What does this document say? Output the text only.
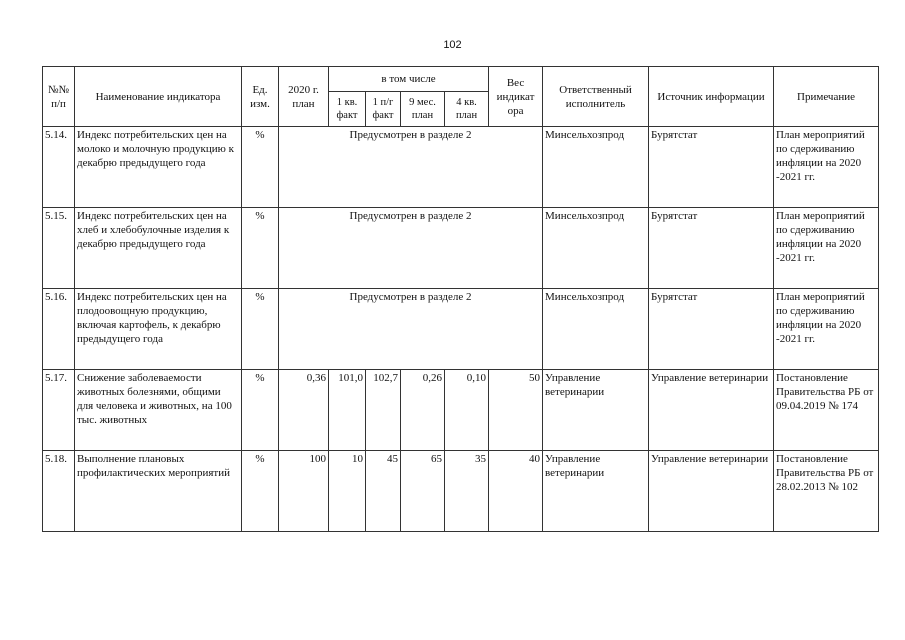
102
№№ п/п	Наименование индикатора	Ед. изм.	2020 г. план	в том числе				Вес индикат ора	Ответственный исполнитель	Источник информации	Примечание
				1 кв. факт	1 п/г факт	9 мес. план	4 кв. план				
5.14.	Индекс потребительских цен на молоко и молочную продукцию к декабрю предыдущего года	%	Предусмотрен в разделе 2						Минсельхозпрод	Бурятстат	План мероприятий по сдерживанию инфляции на 2020 -2021 гг.
5.15.	Индекс потребительских цен на хлеб и хлебобулочные изделия к декабрю предыдущего года	%	Предусмотрен в разделе 2						Минсельхозпрод	Бурятстат	План мероприятий по сдерживанию инфляции на 2020 -2021 гг.
5.16.	Индекс потребительских цен на плодоовощную продукцию, включая картофель, к декабрю предыдущего года	%	Предусмотрен в разделе 2						Минсельхозпрод	Бурятстат	План мероприятий по сдерживанию инфляции на 2020 -2021 гг.
5.17.	Снижение заболеваемости животных болезнями, общими для человека и животных, на 100 тыс. животных	%	0,36	101,0	102,7	0,26	0,10	50	Управление ветеринарии	Управление ветеринарии	Постановление Правительства РБ от 09.04.2019 № 174
5.18.	Выполнение плановых профилактических мероприятий	%	100	10	45	65	35	40	Управление ветеринарии	Управление ветеринарии	Постановление Правительства РБ от 28.02.2013 № 102
